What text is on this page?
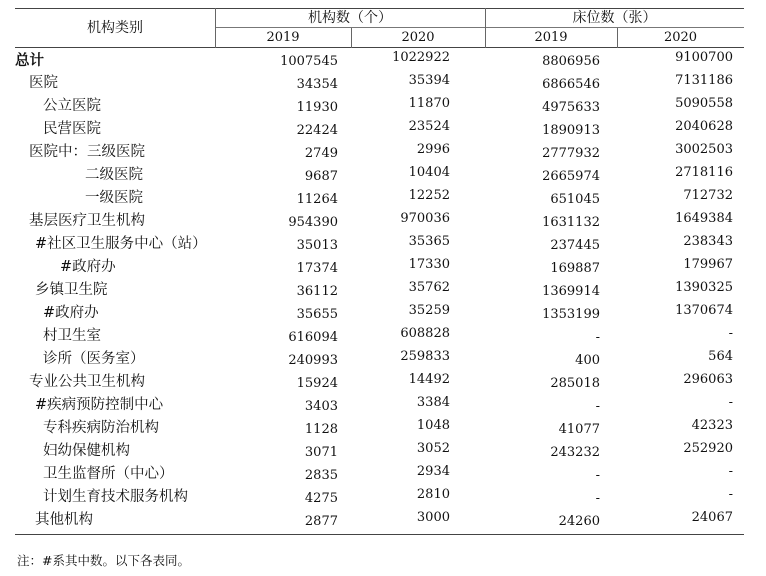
机构类别
机构数（个）	床位数（张）
2019	2020	2019	2020
总计	1007545	1022922	8806956	9100700
医院	34354	35394	6866546	7131186
公立医院	11930	11870	4975633	5090558
民营医院	22424	23524	1890913	2040628
医院中：三级医院	2749	2996	2777932	3002503
二级医院	9687	10404	2665974	2718116
一级医院	11264	12252	651045	712732
基层医疗卫生机构	954390	970036	1631132	1649384
#社区卫生服务中心（站）	35013	35365	237445	238343
#政府办	17374	17330	169887	179967
乡镇卫生院	36112	35762	1369914	1390325
#政府办	35655	35259	1353199	1370674
村卫生室	616094	608828	-	-
诊所（医务室）	240993	259833	400	564
专业公共卫生机构	15924	14492	285018	296063
#疾病预防控制中心	3403	3384	-	-
专科疾病防治机构	1128	1048	41077	42323
妇幼保健机构	3071	3052	243232	252920
卫生监督所（中心）	2835	2934	-	-
计划生育技术服务机构	4275	2810	-	-
其他机构	2877	3000	24260	24067
注：#系其中数。以下各表同。
